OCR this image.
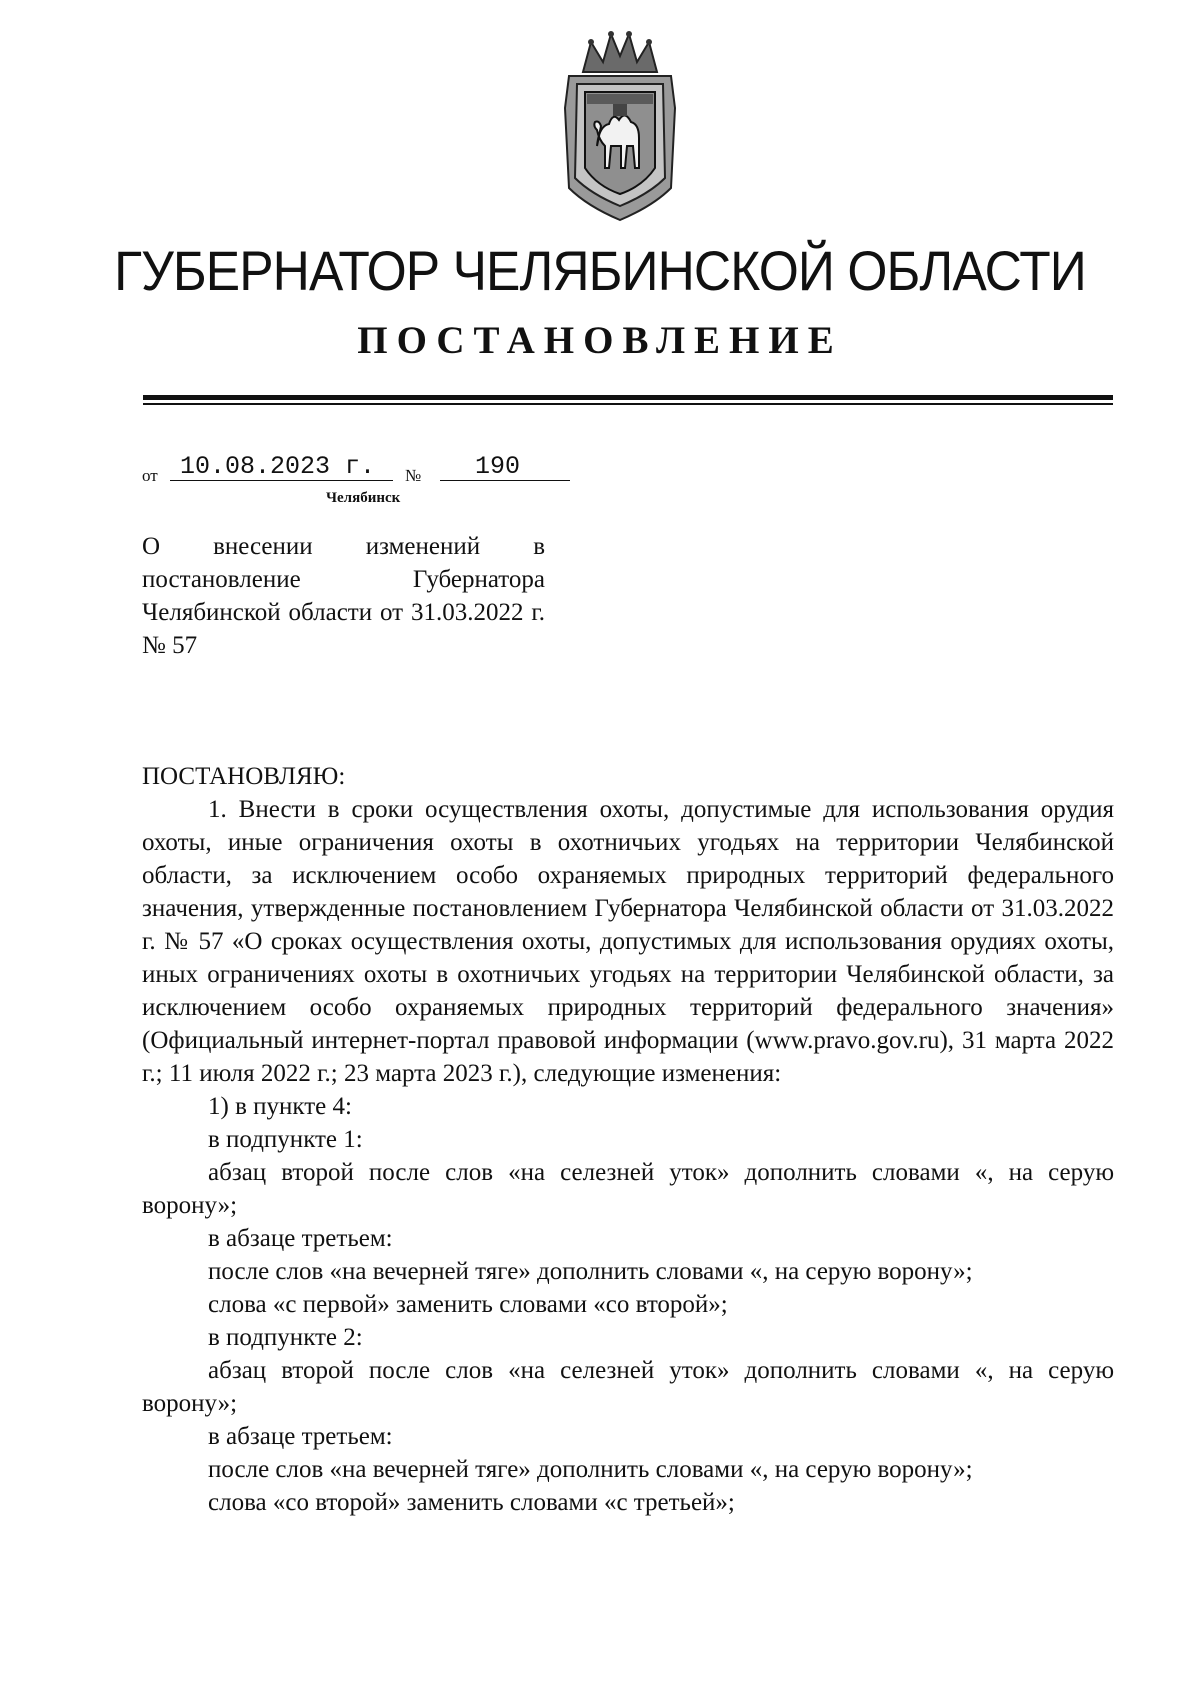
ГУБЕРНАТОР ЧЕЛЯБИНСКОЙ ОБЛАСТИ
ПОСТАНОВЛЕНИЕ
от 10.08.2023 г. № 190
Челябинск
О внесении изменений в постановление Губернатора Челябинской области от 31.03.2022 г. № 57

ПОСТАНОВЛЯЮ:

1. Внести в сроки осуществления охоты, допустимые для использования орудия охоты, иные ограничения охоты в охотничьих угодьях на территории Челябинской области, за исключением особо охраняемых природных территорий федерального значения, утвержденные постановлением Губернатора Челябинской области от 31.03.2022 г. № 57 «О сроках осуществления охоты, допустимых для использования орудиях охоты, иных ограничениях охоты в охотничьих угодьях на территории Челябинской области, за исключением особо охраняемых природных территорий федерального значения» (Официальный интернет-портал правовой информации (www.pravo.gov.ru), 31 марта 2022 г.; 11 июля 2022 г.; 23 марта 2023 г.), следующие изменения:

1) в пункте 4:

в подпункте 1:

абзац второй после слов «на селезней уток» дополнить словами «, на серую ворону»;

в абзаце третьем:

после слов «на вечерней тяге» дополнить словами «, на серую ворону»;

слова «с первой» заменить словами «со второй»;

в подпункте 2:

абзац второй после слов «на селезней уток» дополнить словами «, на серую ворону»;

в абзаце третьем:

после слов «на вечерней тяге» дополнить словами «, на серую ворону»;

слова «со второй» заменить словами «с третьей»;
